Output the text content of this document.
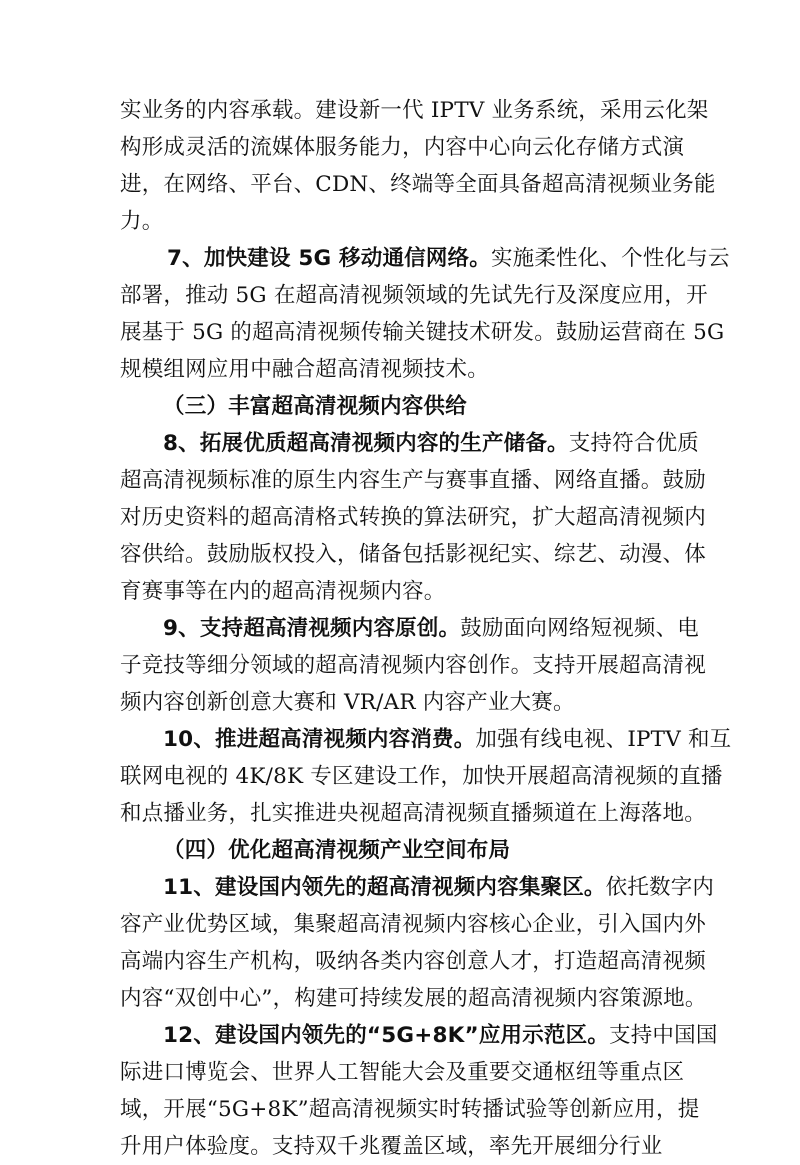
实业务的内容承载。建设新一代 IPTV 业务系统，采用云化架
构形成灵活的流媒体服务能力，内容中心向云化存储方式演
进，在网络、平台、CDN、终端等全面具备超高清视频业务能
力。
7、加快建设 5G 移动通信网络。实施柔性化、个性化与云
部署，推动 5G 在超高清视频领域的先试先行及深度应用，开
展基于 5G 的超高清视频传输关键技术研发。鼓励运营商在 5G
规模组网应用中融合超高清视频技术。
（三）丰富超高清视频内容供给
8、拓展优质超高清视频内容的生产储备。支持符合优质
超高清视频标准的原生内容生产与赛事直播、网络直播。鼓励
对历史资料的超高清格式转换的算法研究，扩大超高清视频内
容供给。鼓励版权投入，储备包括影视纪实、综艺、动漫、体
育赛事等在内的超高清视频内容。
9、支持超高清视频内容原创。鼓励面向网络短视频、电
子竞技等细分领域的超高清视频内容创作。支持开展超高清视
频内容创新创意大赛和 VR/AR 内容产业大赛。
10、推进超高清视频内容消费。加强有线电视、IPTV 和互
联网电视的 4K/8K 专区建设工作，加快开展超高清视频的直播
和点播业务，扎实推进央视超高清视频直播频道在上海落地。
（四）优化超高清视频产业空间布局
11、建设国内领先的超高清视频内容集聚区。依托数字内
容产业优势区域，集聚超高清视频内容核心企业，引入国内外
高端内容生产机构，吸纳各类内容创意人才，打造超高清视频
内容“双创中心”，构建可持续发展的超高清视频内容策源地。
12、建设国内领先的“5G+8K”应用示范区。支持中国国
际进口博览会、世界人工智能大会及重要交通枢纽等重点区
域，开展“5G+8K”超高清视频实时转播试验等创新应用，提
升用户体验度。支持双千兆覆盖区域，率先开展细分行业
